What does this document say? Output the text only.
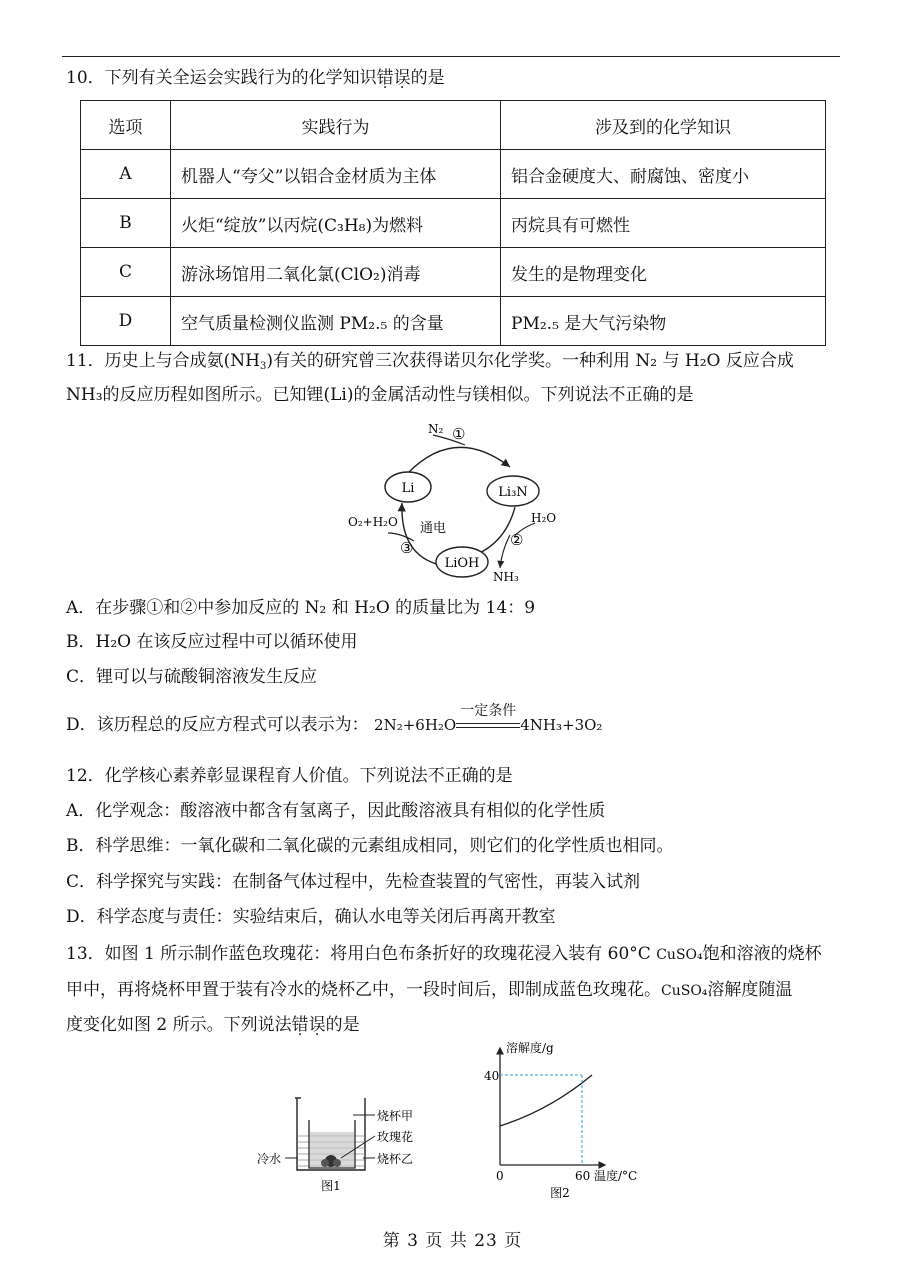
10．下列有关全运会实践行为的化学知识错误的是
选项	实践行为	涉及到的化学知识
A	机器人“夸父”以铝合金材质为主体	铝合金硬度大、耐腐蚀、密度小
B	火炬“绽放”以丙烷(C₃H₈)为燃料	丙烷具有可燃性
C	游泳场馆用二氧化氯(ClO₂)消毒	发生的是物理变化
D	空气质量检测仪监测 PM₂.₅ 的含量	PM₂.₅ 是大气污染物
11．历史上与合成氨$(NH_3)$有关的研究曾三次获得诺贝尔化学奖。一种利用 N₂ 与 H₂O 反应合成
NH₃的反应历程如图所示。已知锂(Li)的金属活动性与镁相似。下列说法不正确的是
Li	Li₃N
LiOH
N₂ ①
H₂O
②
NH₃
O₂+H₂O 通电
③
A．在步骤①和②中参加反应的 N₂ 和 H₂O 的质量比为 14：9
B．H₂O 在该反应过程中可以循环使用
C．锂可以与硫酸铜溶液发生反应
D．该历程总的反应方程式可以表示为： 2N₂+6H₂O
一定条件
4NH₃+3O₂
12．化学核心素养彰显课程育人价值。下列说法不正确的是
A．化学观念：酸溶液中都含有氢离子，因此酸溶液具有相似的化学性质
B．科学思维：一氧化碳和二氧化碳的元素组成相同，则它们的化学性质也相同。
C．科学探究与实践：在制备气体过程中，先检查装置的气密性，再装入试剂
D．科学态度与责任：实验结束后，确认水电等关闭后再离开教室
13．如图 1 所示制作蓝色玫瑰花：将用白色布条折好的玫瑰花浸入装有 60°C CuSO₄饱和溶液的烧杯
甲中，再将烧杯甲置于装有冷水的烧杯乙中，一段时间后，即制成蓝色玫瑰花。CuSO₄溶解度随温
度变化如图 2 所示。下列说法错误的是
烧杯甲
玫瑰花
烧杯乙
冷水
图1
溶解度/g
40
0	60 温度/°C
图2
第 3 页 共 23 页
